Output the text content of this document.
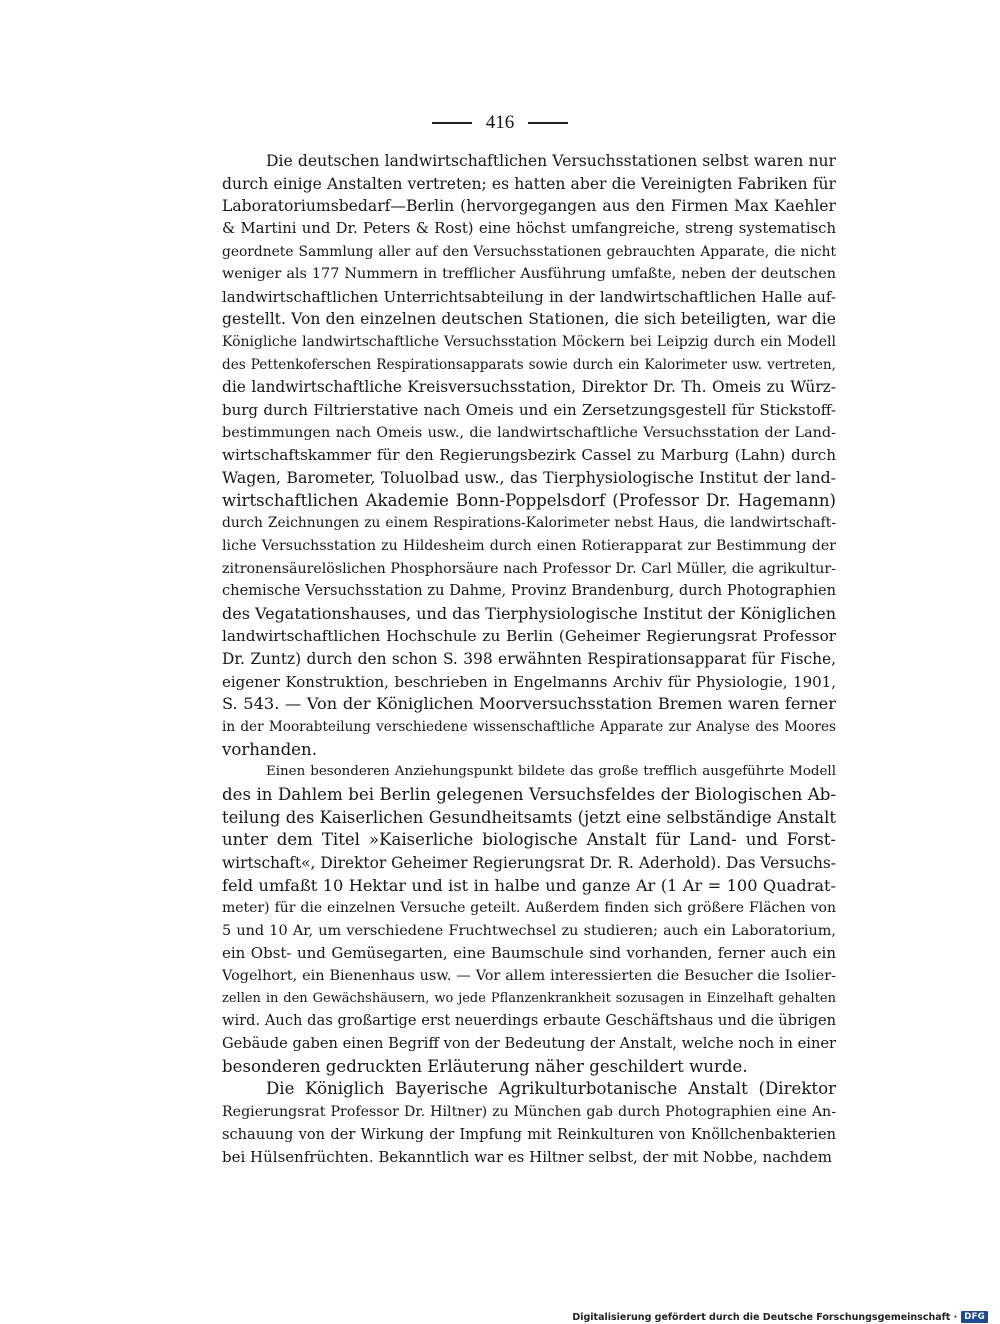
416
Die deutschen landwirtschaftlichen Versuchsstationen selbst waren nur
durch einige Anstalten vertreten; es hatten aber die Vereinigten Fabriken für
Laboratoriumsbedarf—Berlin (hervorgegangen aus den Firmen Max Kaehler
& Martini und Dr. Peters & Rost) eine höchst umfangreiche, streng systematisch
geordnete Sammlung aller auf den Versuchsstationen gebrauchten Apparate, die nicht
weniger als 177 Nummern in trefflicher Ausführung umfaßte, neben der deutschen
landwirtschaftlichen Unterrichtsabteilung in der landwirtschaftlichen Halle auf-
gestellt. Von den einzelnen deutschen Stationen, die sich beteiligten, war die
Königliche landwirtschaftliche Versuchsstation Möckern bei Leipzig durch ein Modell
des Pettenkoferschen Respirationsapparats sowie durch ein Kalorimeter usw. vertreten,
die landwirtschaftliche Kreisversuchsstation, Direktor Dr. Th. Omeis zu Würz-
burg durch Filtrierstative nach Omeis und ein Zersetzungsgestell für Stickstoff-
bestimmungen nach Omeis usw., die landwirtschaftliche Versuchsstation der Land-
wirtschaftskammer für den Regierungsbezirk Cassel zu Marburg (Lahn) durch
Wagen, Barometer, Toluolbad usw., das Tierphysiologische Institut der land-
wirtschaftlichen Akademie Bonn-Poppelsdorf (Professor Dr. Hagemann)
durch Zeichnungen zu einem Respirations-Kalorimeter nebst Haus, die landwirtschaft-
liche Versuchsstation zu Hildesheim durch einen Rotierapparat zur Bestimmung der
zitronensäurelöslichen Phosphorsäure nach Professor Dr. Carl Müller, die agrikultur-
chemische Versuchsstation zu Dahme, Provinz Brandenburg, durch Photographien
des Vegatationshauses, und das Tierphysiologische Institut der Königlichen
landwirtschaftlichen Hochschule zu Berlin (Geheimer Regierungsrat Professor
Dr. Zuntz) durch den schon S. 398 erwähnten Respirationsapparat für Fische,
eigener Konstruktion, beschrieben in Engelmanns Archiv für Physiologie, 1901,
S. 543. — Von der Königlichen Moorversuchsstation Bremen waren ferner
in der Moorabteilung verschiedene wissenschaftliche Apparate zur Analyse des Moores
vorhanden.
Einen besonderen Anziehungspunkt bildete das große trefflich ausgeführte Modell
des in Dahlem bei Berlin gelegenen Versuchsfeldes der Biologischen Ab-
teilung des Kaiserlichen Gesundheitsamts (jetzt eine selbständige Anstalt
unter dem Titel »Kaiserliche biologische Anstalt für Land- und Forst-
wirtschaft«, Direktor Geheimer Regierungsrat Dr. R. Aderhold). Das Versuchs-
feld umfaßt 10 Hektar und ist in halbe und ganze Ar (1 Ar = 100 Quadrat-
meter) für die einzelnen Versuche geteilt. Außerdem finden sich größere Flächen von
5 und 10 Ar, um verschiedene Fruchtwechsel zu studieren; auch ein Laboratorium,
ein Obst- und Gemüsegarten, eine Baumschule sind vorhanden, ferner auch ein
Vogelhort, ein Bienenhaus usw. — Vor allem interessierten die Besucher die Isolier-
zellen in den Gewächshäusern, wo jede Pflanzenkrankheit sozusagen in Einzelhaft gehalten
wird. Auch das großartige erst neuerdings erbaute Geschäftshaus und die übrigen
Gebäude gaben einen Begriff von der Bedeutung der Anstalt, welche noch in einer
besonderen gedruckten Erläuterung näher geschildert wurde.
Die Königlich Bayerische Agrikulturbotanische Anstalt (Direktor
Regierungsrat Professor Dr. Hiltner) zu München gab durch Photographien eine An-
schauung von der Wirkung der Impfung mit Reinkulturen von Knöllchenbakterien
bei Hülsenfrüchten. Bekanntlich war es Hiltner selbst, der mit Nobbe, nachdem
Digitalisierung gefördert durch die Deutsche Forschungsgemeinschaft · DFG
